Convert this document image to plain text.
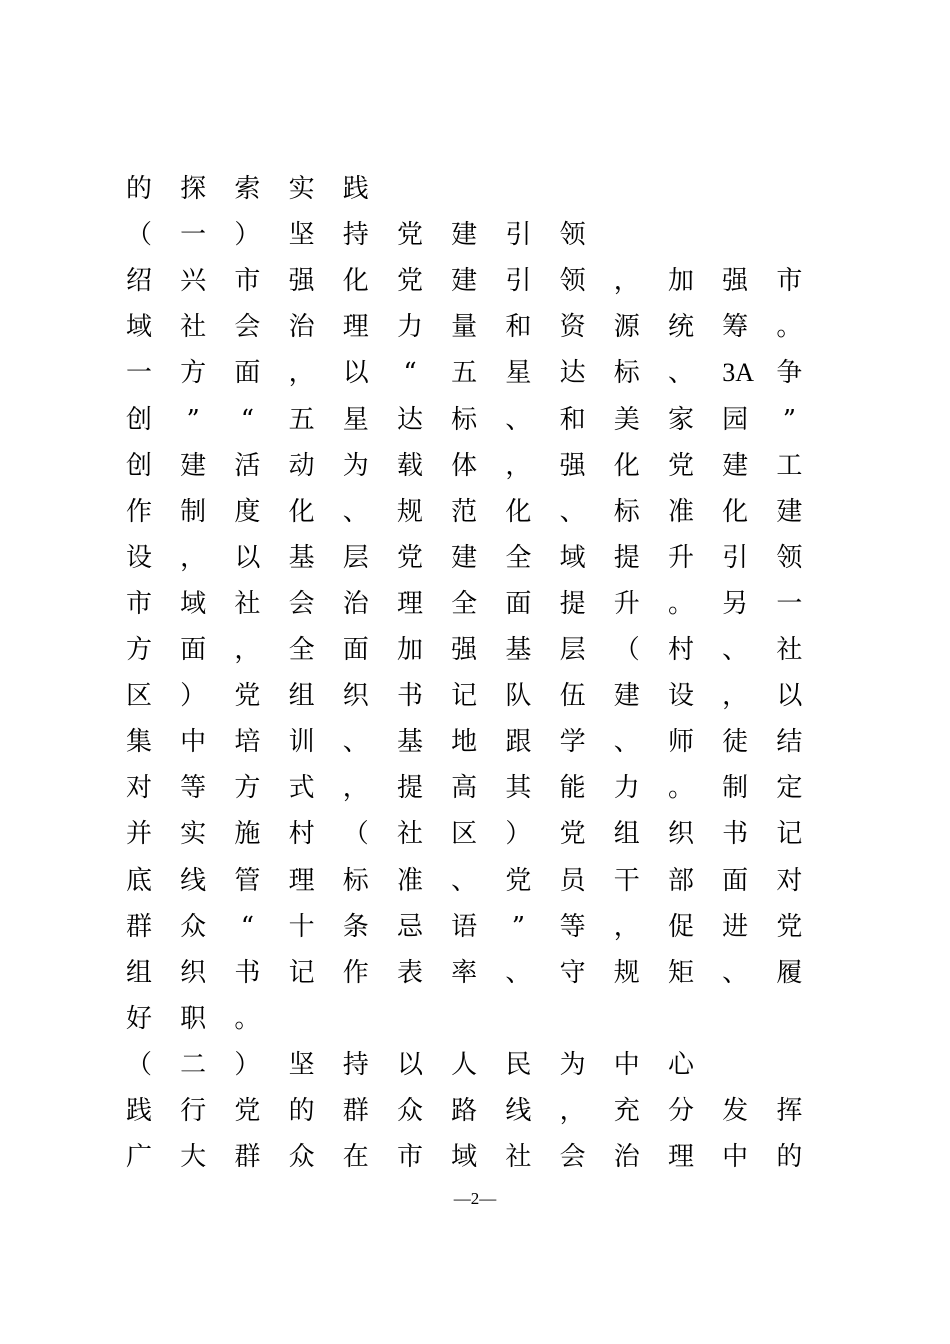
的 探 索 实 践
（ 一 ） 坚 持 党 建 引 领
绍 兴 市 强 化 党 建 引 领 ， 加 强 市
域 社 会 治 理 力 量 和 资 源 统 筹 。
一 方 面 ， 以	“	五 星 达 标 、 3A 争
创	”	“	五 星 达 标 、 和 美 家 园	”
创 建 活 动 为 载 体 ， 强 化 党 建 工
作 制 度 化 、 规 范 化 、 标 准 化 建
设 ， 以 基 层 党 建 全 域 提 升 引 领
市 域 社 会 治 理 全 面 提 升 。 另 一
方 面 ， 全 面 加 强 基 层 （ 村 、 社
区 ） 党 组 织 书 记 队 伍 建 设 ， 以
集 中 培 训 、 基 地 跟 学 、 师 徒 结
对 等 方 式 ， 提 高 其 能 力 。 制 定
并 实 施 村 （ 社 区 ） 党 组 织 书 记
底 线 管 理 标 准 、 党 员 干 部 面 对
群 众	“	十 条 忌 语	”	等 ， 促 进 党
组 织 书 记 作 表 率 、 守 规 矩 、 履
好 职 。
（ 二 ） 坚 持 以 人 民 为 中 心
践 行 党 的 群 众 路 线 ， 充 分 发 挥
广 大 群 众 在 市 域 社 会 治 理 中 的
—2—
